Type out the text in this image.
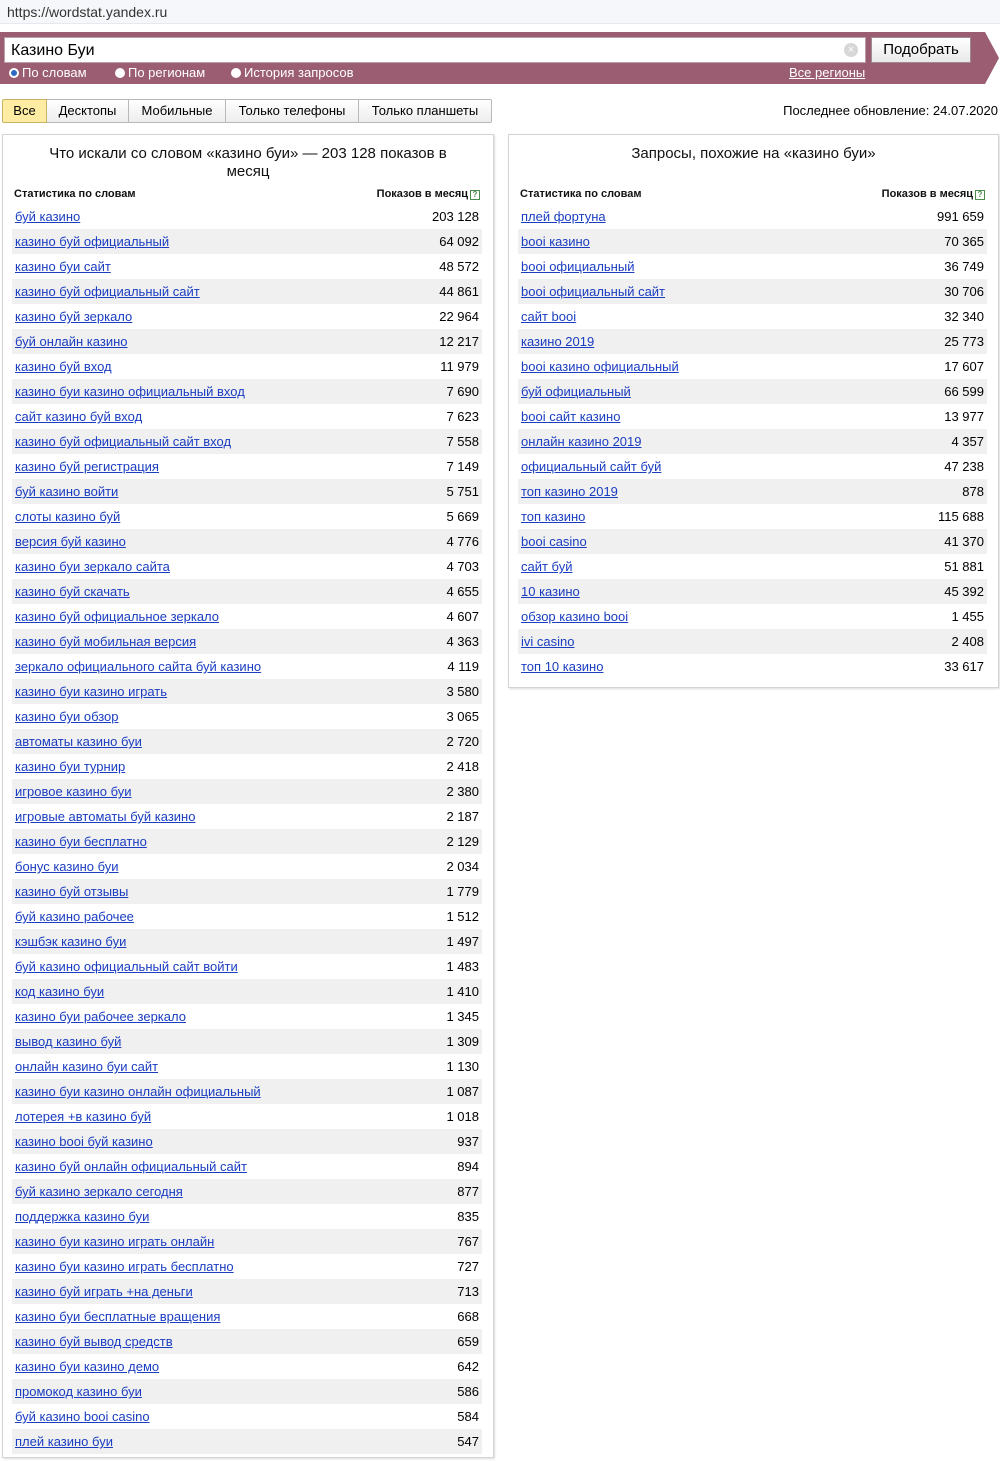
https://wordstat.yandex.ru
Казино Буи	×	Подобрать
По словам	По регионам	История запросов	Все регионы
Все	Десктопы	Мобильные	Только телефоны	Только планшеты	Последнее обновление: 24.07.2020
Что искали со словом «казино буи» — 203 128 показов в месяц
Статистика по словам	Показов в месяц ?
буй казино	203 128
казино буй официальный	64 092
казино буи сайт	48 572
казино буй официальный сайт	44 861
казино буй зеркало	22 964
буй онлайн казино	12 217
казино буй вход	11 979
казино буи казино официальный вход	7 690
сайт казино буй вход	7 623
казино буй официальный сайт вход	7 558
казино буй регистрация	7 149
буй казино войти	5 751
слоты казино буй	5 669
версия буй казино	4 776
казино буи зеркало сайта	4 703
казино буй скачать	4 655
казино буй официальное зеркало	4 607
казино буй мобильная версия	4 363
зеркало официального сайта буй казино	4 119
казино буи казино играть	3 580
казино буи обзор	3 065
автоматы казино буи	2 720
казино буи турнир	2 418
игровое казино буи	2 380
игровые автоматы буй казино	2 187
казино буи бесплатно	2 129
бонус казино буи	2 034
казино буй отзывы	1 779
буй казино рабочее	1 512
кэшбэк казино буи	1 497
буй казино официальный сайт войти	1 483
код казино буи	1 410
казино буи рабочее зеркало	1 345
вывод казино буй	1 309
онлайн казино буи сайт	1 130
казино буи казино онлайн официальный	1 087
лотерея +в казино буй	1 018
казино booi буй казино	937
казино буй онлайн официальный сайт	894
буй казино зеркало сегодня	877
поддержка казино буи	835
казино буи казино играть онлайн	767
казино буи казино играть бесплатно	727
казино буй играть +на деньги	713
казино буи бесплатные вращения	668
казино буй вывод средств	659
казино буи казино демо	642
промокод казино буи	586
буй казино booi casino	584
плей казино буи	547
Запросы, похожие на «казино буи»
Статистика по словам	Показов в месяц ?
плей фортуна	991 659
booi казино	70 365
booi официальный	36 749
booi официальный сайт	30 706
сайт booi	32 340
казино 2019	25 773
booi казино официальный	17 607
буй официальный	66 599
booi сайт казино	13 977
онлайн казино 2019	4 357
официальный сайт буй	47 238
топ казино 2019	878
топ казино	115 688
booi casino	41 370
сайт буй	51 881
10 казино	45 392
обзор казино booi	1 455
ivi casino	2 408
топ 10 казино	33 617
